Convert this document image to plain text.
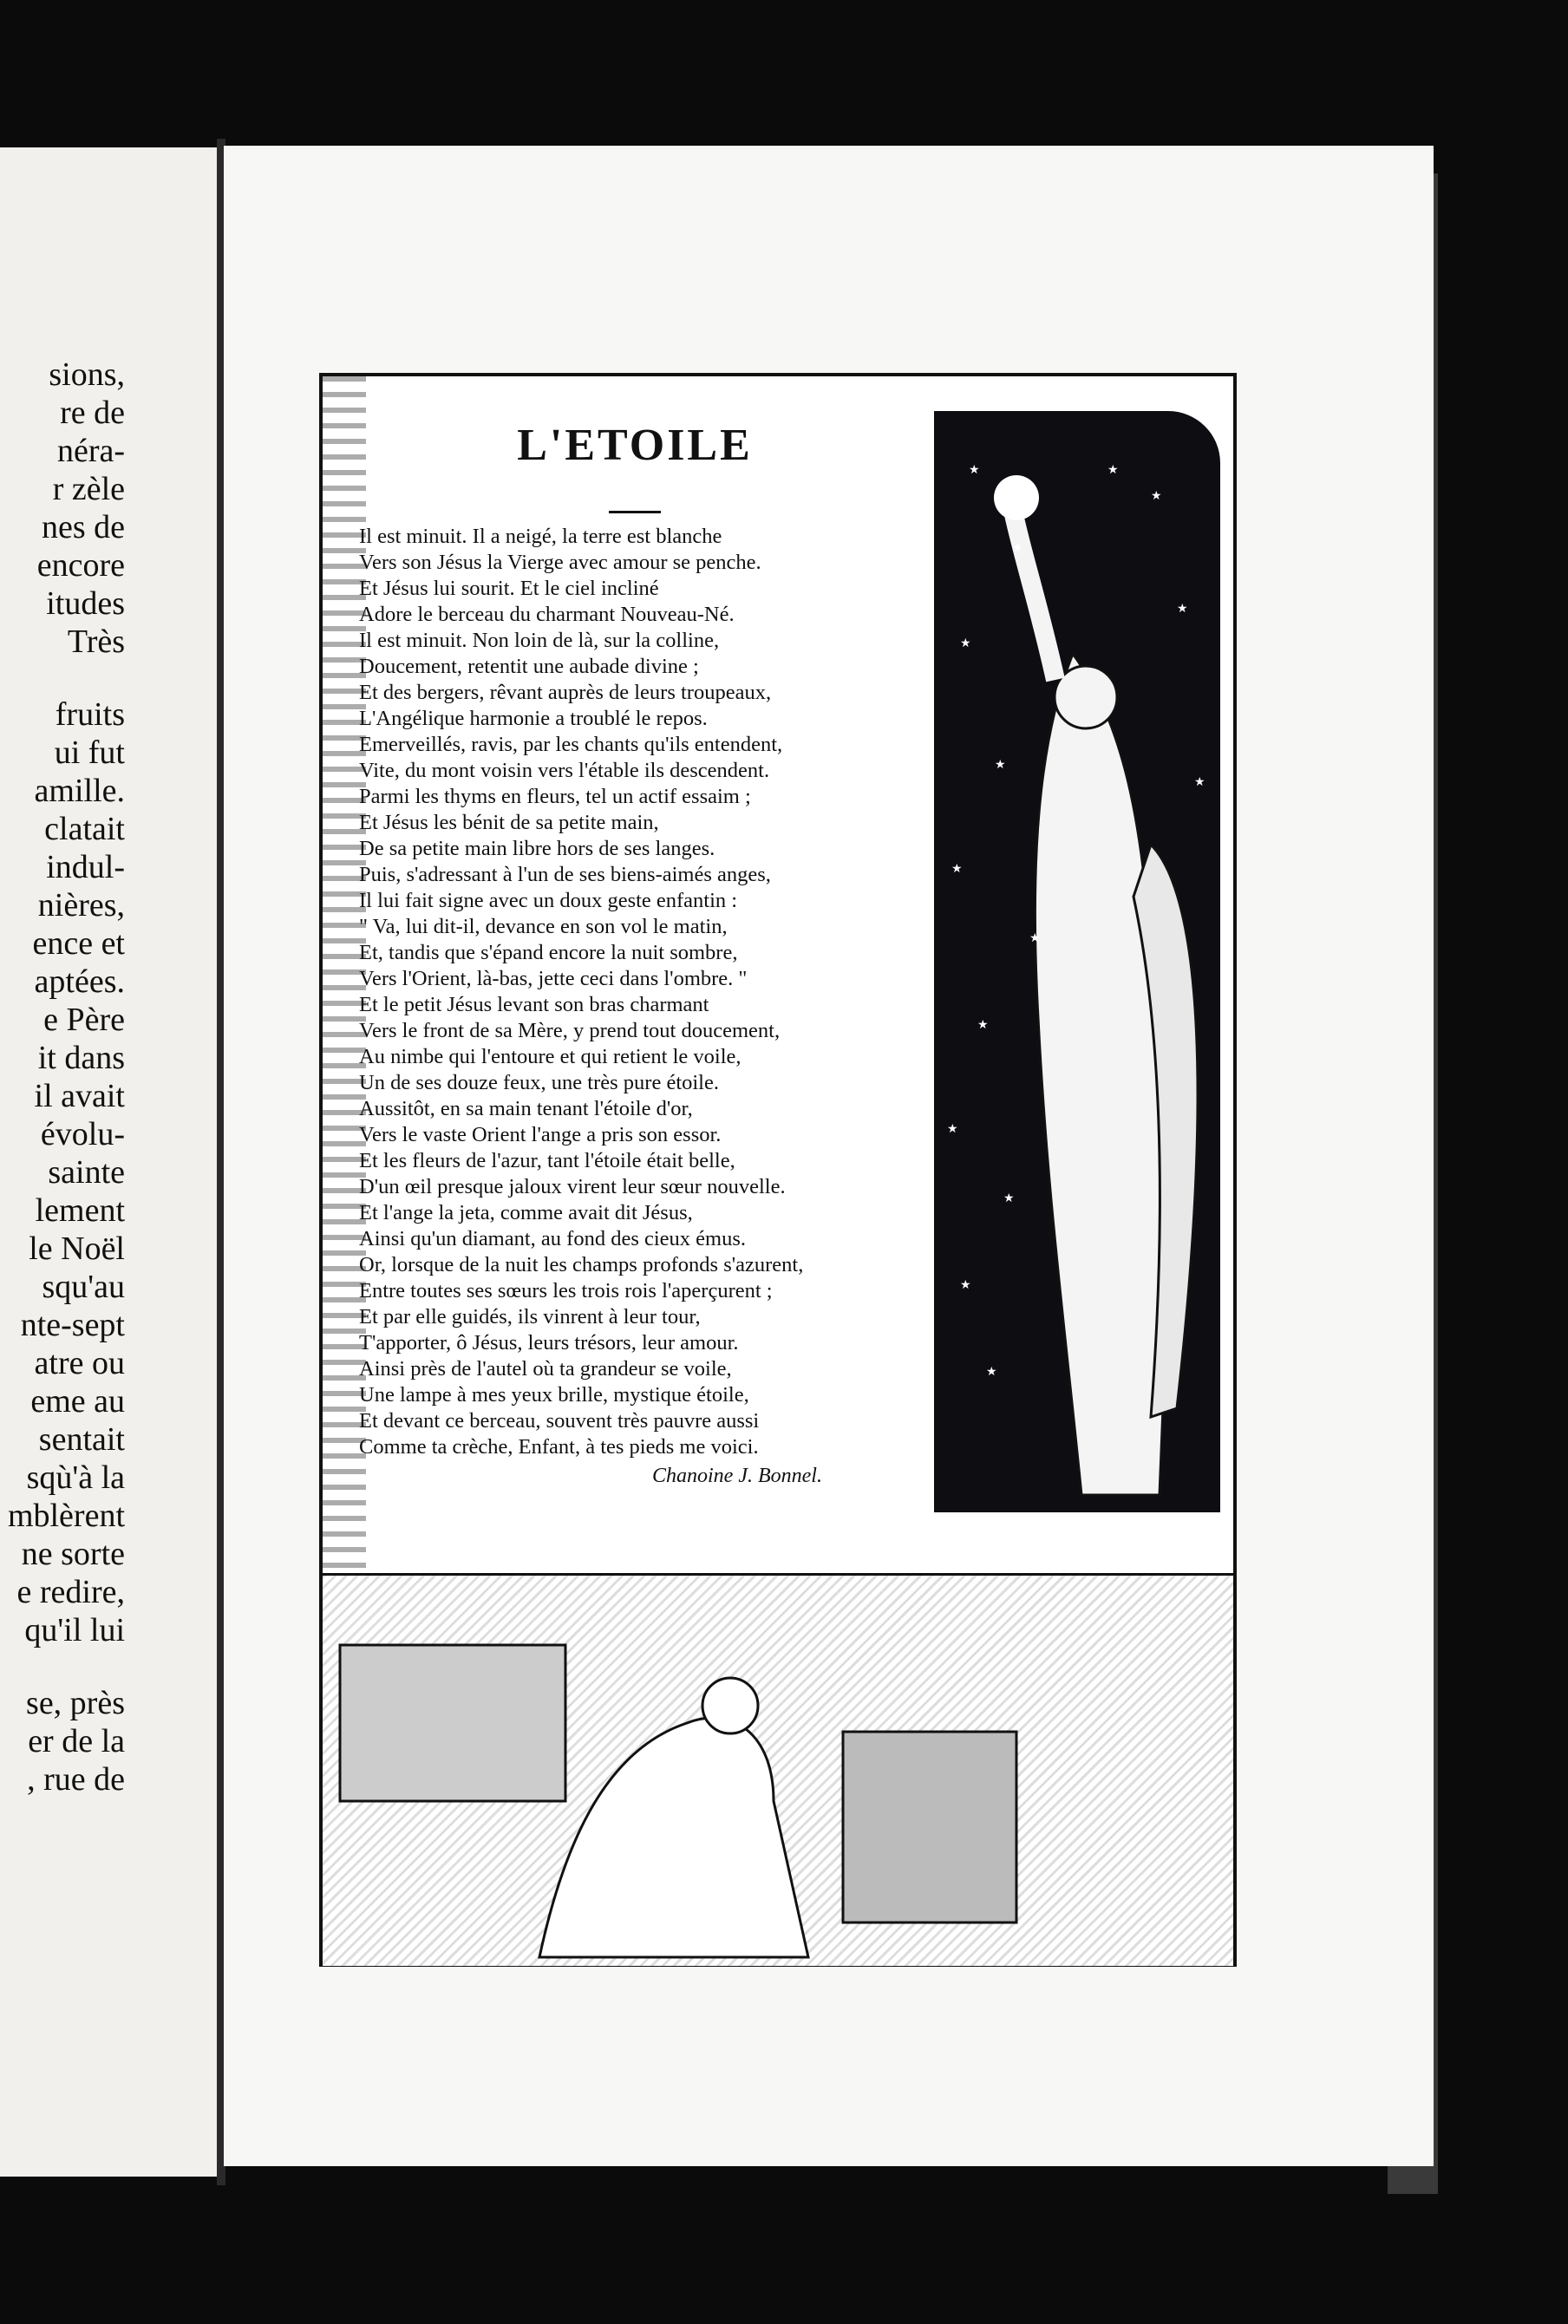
sions,
re de
néra-
r zèle
nes de
encore
itudes
Très
fruits
ui fut
amille.
clatait
indul-
nières,
ence et
aptées.
e Père
it dans
il avait
évolu-
sainte
lement
le Noël
squ'au
nte-sept
atre ou
eme au
sentait
sqù'à la
mblèrent
ne sorte
e redire,
qu'il lui
se, près
er de la
, rue de
L'ETOILE
Chanoine J. Bonnel.
Il est minuit. Il a neigé, la terre est blanche
Vers son Jésus la Vierge avec amour se penche.
Et Jésus lui sourit. Et le ciel incliné
Adore le berceau du charmant Nouveau-Né.
Il est minuit. Non loin de là, sur la colline,
Doucement, retentit une aubade divine ;
Et des bergers, rêvant auprès de leurs troupeaux,
L'Angélique harmonie a troublé le repos.
Emerveillés, ravis, par les chants qu'ils entendent,
Vite, du mont voisin vers l'étable ils descendent.
Parmi les thyms en fleurs, tel un actif essaim ;
Et Jésus les bénit de sa petite main,
De sa petite main libre hors de ses langes.
Puis, s'adressant à l'un de ses biens-aimés anges,
Il lui fait signe avec un doux geste enfantin :
" Va, lui dit-il, devance en son vol le matin,
Et, tandis que s'épand encore la nuit sombre,
Vers l'Orient, là-bas, jette ceci dans l'ombre. "
Et le petit Jésus levant son bras charmant
Vers le front de sa Mère, y prend tout doucement,
Au nimbe qui l'entoure et qui retient le voile,
Un de ses douze feux, une très pure étoile.
Aussitôt, en sa main tenant l'étoile d'or,
Vers le vaste Orient l'ange a pris son essor.
Et les fleurs de l'azur, tant l'étoile était belle,
D'un œil presque jaloux virent leur sœur nouvelle.
Et l'ange la jeta, comme avait dit Jésus,
Ainsi qu'un diamant, au fond des cieux émus.
Or, lorsque de la nuit les champs profonds s'azurent,
Entre toutes ses sœurs les trois rois l'aperçurent ;
Et par elle guidés, ils vinrent à leur tour,
T'apporter, ô Jésus, leurs trésors, leur amour.
Ainsi près de l'autel où ta grandeur se voile,
Une lampe à mes yeux brille, mystique étoile,
Et devant ce berceau, souvent très pauvre aussi
Comme ta crèche, Enfant, à tes pieds me voici.
★
★
★
★
★
★
★
★
★
★
★
★
★
★
★
